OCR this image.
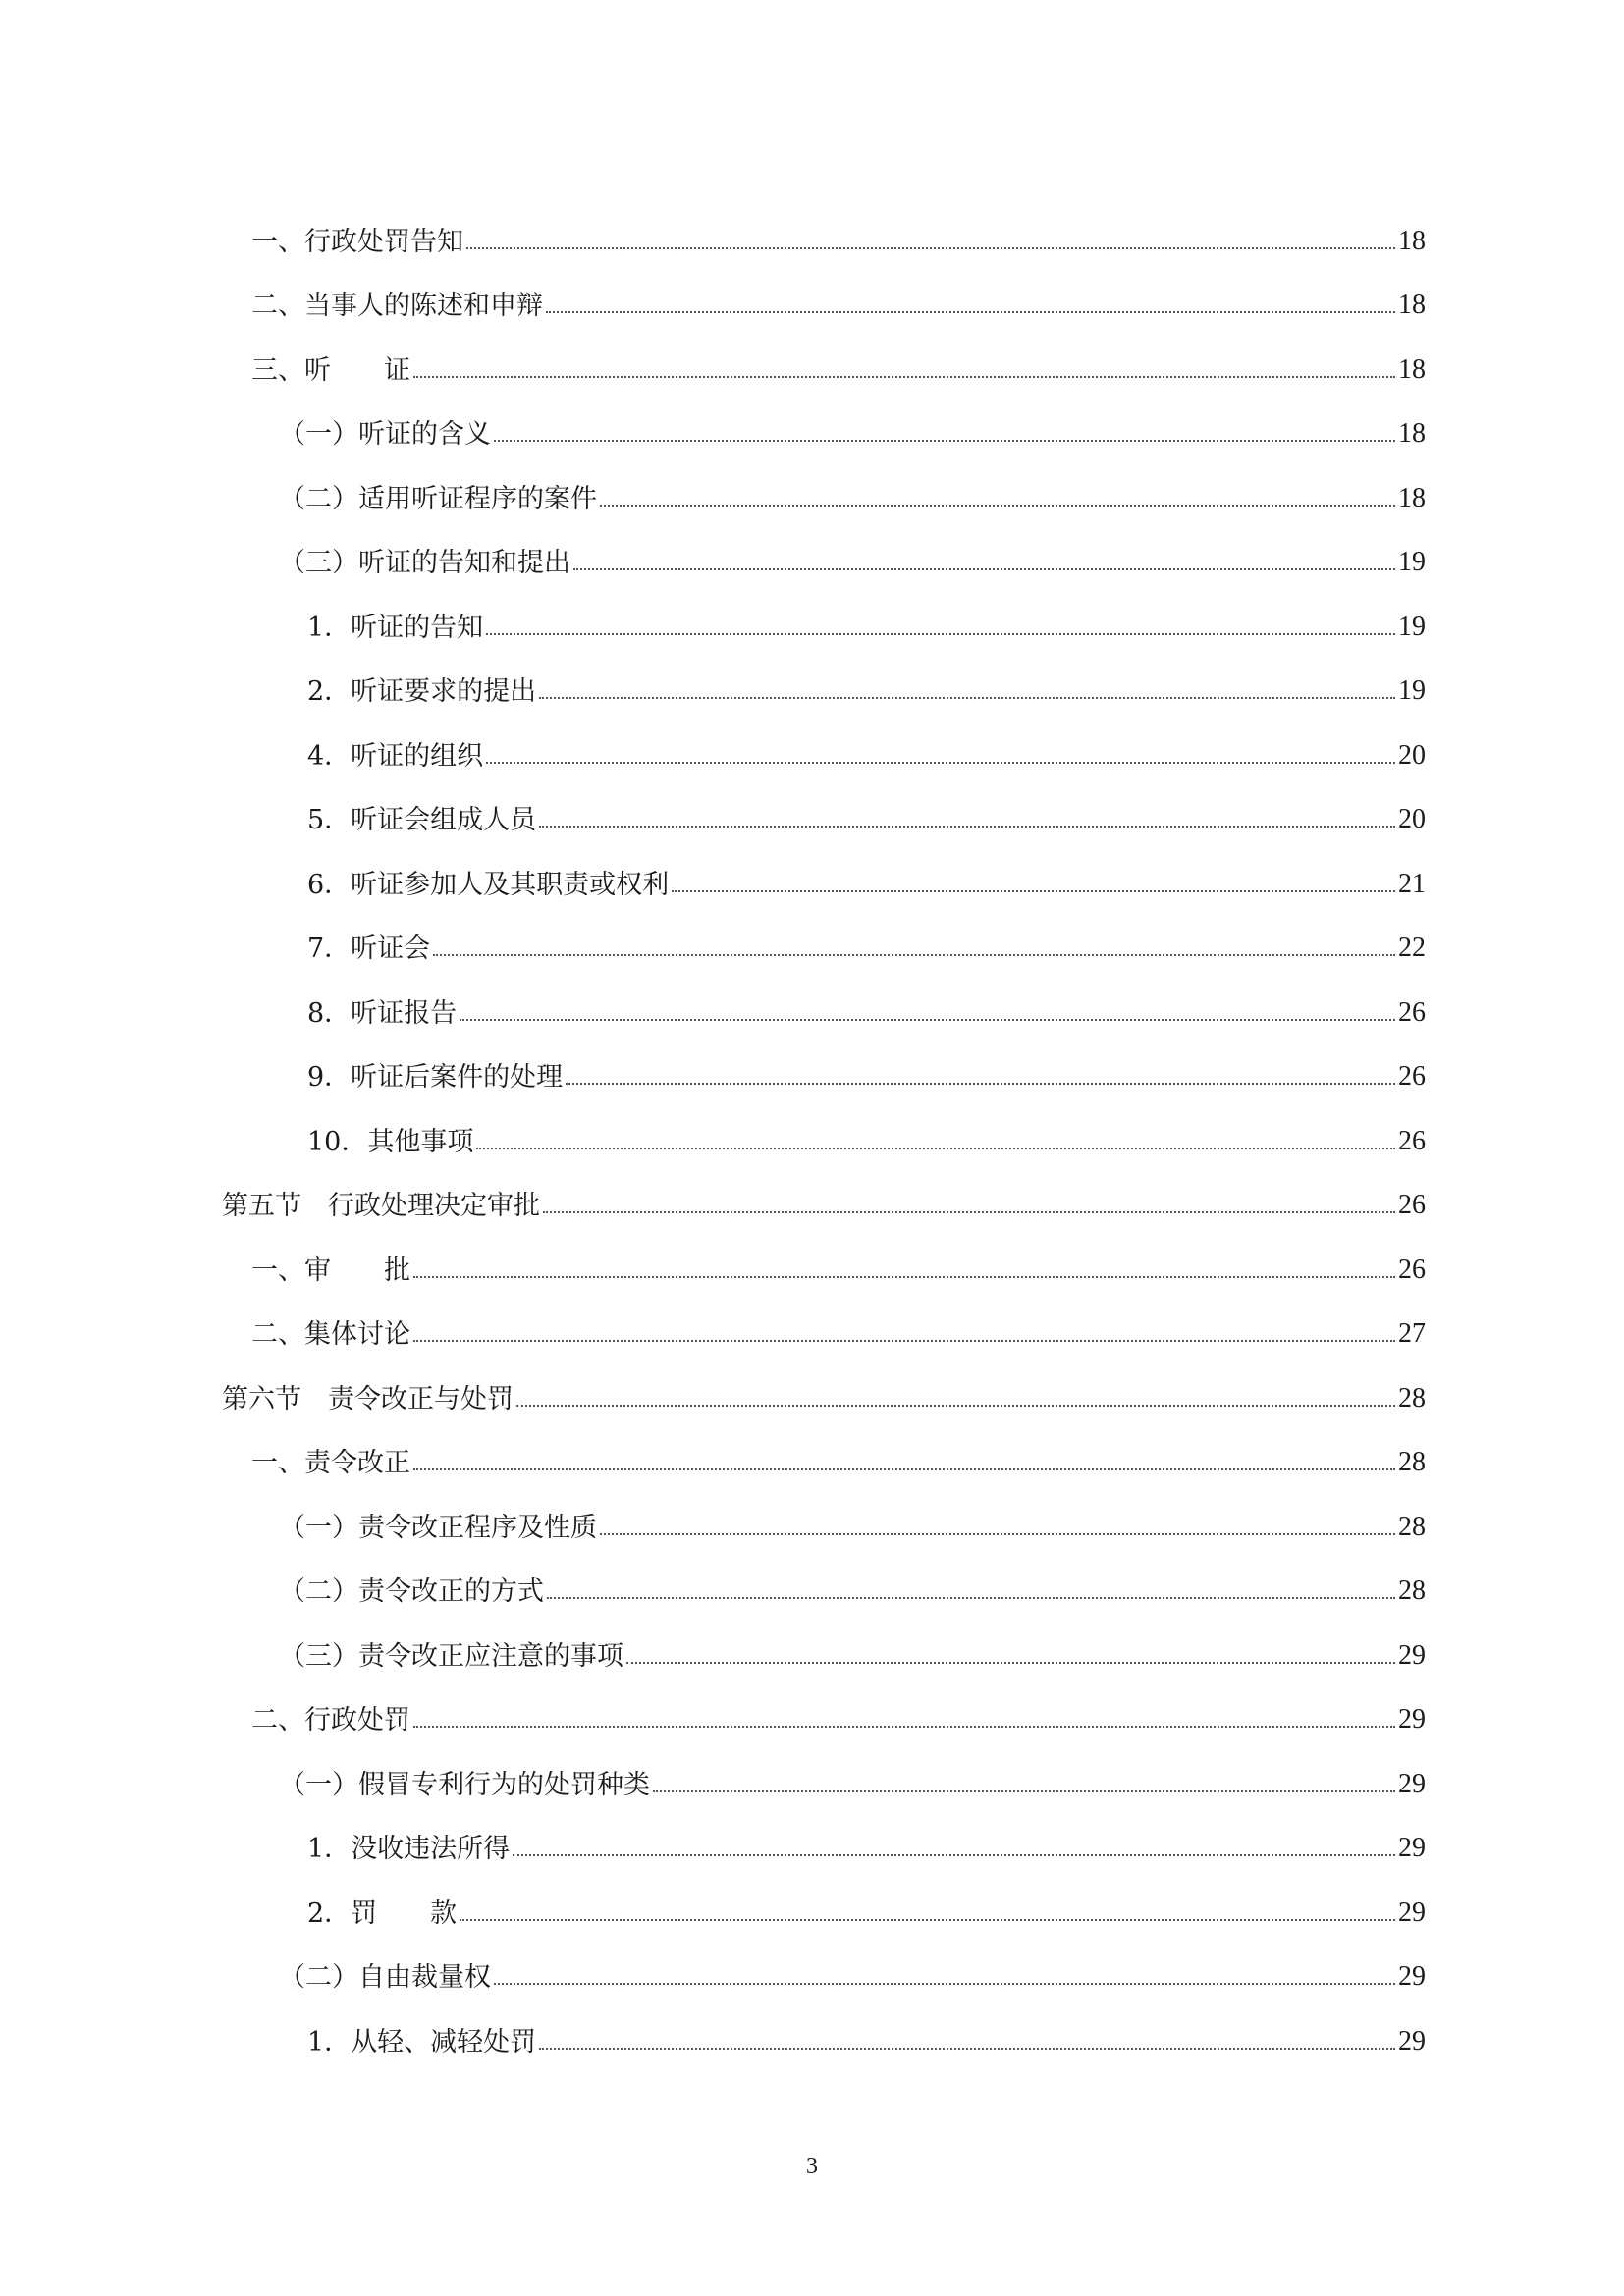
一、行政处罚告知	18
二、当事人的陈述和申辩	18
三、听　　证	18
（一）听证的含义	18
（二）适用听证程序的案件	18
（三）听证的告知和提出	19
1．听证的告知	19
2．听证要求的提出	19
4．听证的组织	20
5．听证会组成人员	20
6．听证参加人及其职责或权利	21
7．听证会	22
8．听证报告	26
9．听证后案件的处理	26
10．其他事项	26
第五节　行政处理决定审批	26
一、审　　批	26
二、集体讨论	27
第六节　责令改正与处罚	28
一、责令改正	28
（一）责令改正程序及性质	28
（二）责令改正的方式	28
（三）责令改正应注意的事项	29
二、行政处罚	29
（一）假冒专利行为的处罚种类	29
1．没收违法所得	29
2．罚　　款	29
（二）自由裁量权	29
1．从轻、减轻处罚	29
3
